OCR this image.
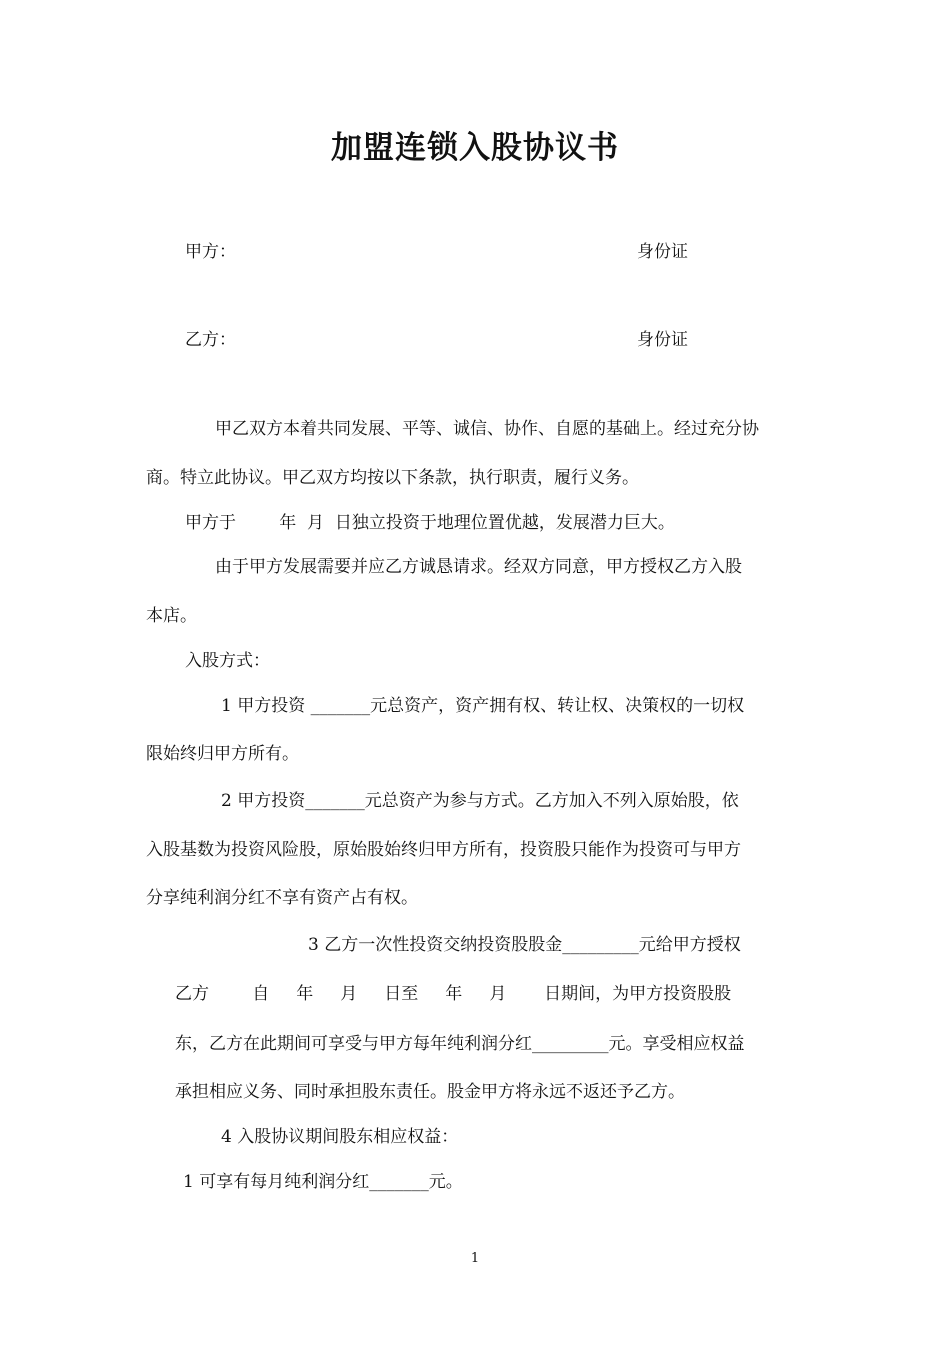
加盟连锁入股协议书
甲方：	身份证
乙方：	身份证
甲乙双方本着共同发展、平等、诚信、协作、自愿的基础上。经过充分协
商。特立此协议。甲乙双方均按以下条款，执行职责，履行义务。
甲方于        年  月  日独立投资于地理位置优越，发展潜力巨大。
由于甲方发展需要并应乙方诚恳请求。经双方同意，甲方授权乙方入股
本店。
入股方式：
1 甲方投资 _______元总资产，资产拥有权、转让权、决策权的一切权
限始终归甲方所有。
2 甲方投资_______元总资产为参与方式。乙方加入不列入原始股，依
入股基数为投资风险股，原始股始终归甲方所有，投资股只能作为投资可与甲方
分享纯利润分红不享有资产占有权。
3 乙方一次性投资交纳投资股股金_________元给甲方授权
乙方        自     年     月     日至     年     月       日期间，为甲方投资股股
东，乙方在此期间可享受与甲方每年纯利润分红_________元。享受相应权益
承担相应义务、同时承担股东责任。股金甲方将永远不返还予乙方。
4 入股协议期间股东相应权益：
1 可享有每月纯利润分红_______元。
1
